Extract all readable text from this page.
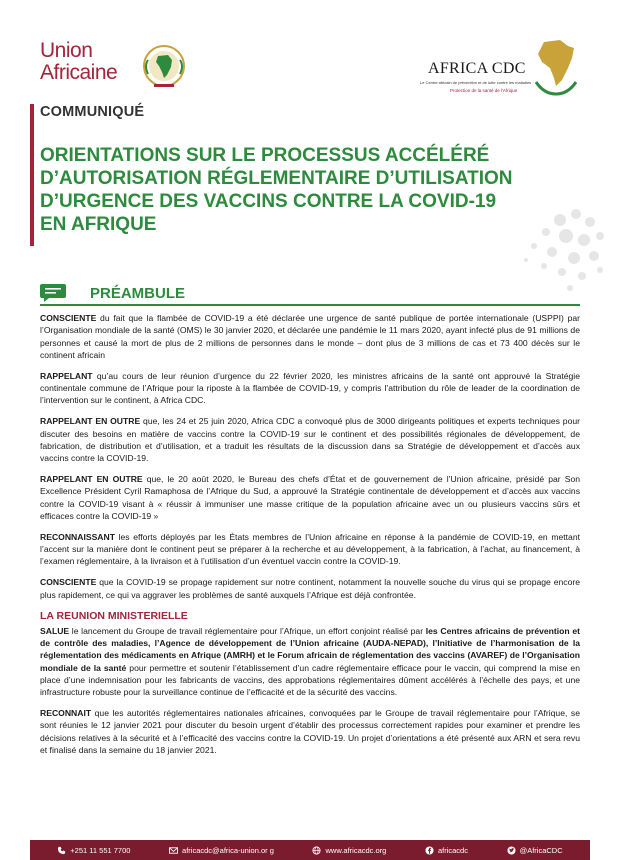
Union
Africaine	AFRICA CDC
Le Centre africain de prévention et de lutte contre les maladies
Protection de la santé de l'Afrique
COMMUNIQUÉ
ORIENTATIONS SUR LE PROCESSUS ACCÉLÉRÉ
D’AUTORISATION RÉGLEMENTAIRE D’UTILISATION
D’URGENCE DES VACCINS CONTRE LA COVID-19
EN AFRIQUE
PRÉAMBULE

CONSCIENTE du fait que la flambée de COVID-19 a été déclarée une urgence de santé publique de portée internationale (USPPI) par l’Organisation mondiale de la santé (OMS) le 30 janvier 2020, et déclarée une pandémie le 11 mars 2020, ayant infecté plus de 91 millions de personnes et causé la mort de plus de 2 millions de personnes dans le monde – dont plus de 3 millions de cas et 73 400 décès sur le continent africain

RAPPELANT qu’au cours de leur réunion d’urgence du 22 février 2020, les ministres africains de la santé ont approuvé la Stratégie continentale commune de l’Afrique pour la riposte à la flambée de COVID-19, y compris l’attribution du rôle de leader de la coordination de l’intervention sur le continent, à Africa CDC.

RAPPELANT EN OUTRE que, les 24 et 25 juin 2020, Africa CDC a convoqué plus de 3000 dirigeants politiques et experts techniques pour discuter des besoins en matière de vaccins contre la COVID-19 sur le continent et des possibilités régionales de développement, de fabrication, de distribution et d’utilisation, et a traduit les résultats de la discussion dans sa Stratégie de développement et d’accès aux vaccins contre la COVID-19.

RAPPELANT EN OUTRE que, le 20 août 2020, le Bureau des chefs d’État et de gouvernement de l’Union africaine, présidé par Son Excellence Président Cyril Ramaphosa de l’Afrique du Sud, a approuvé la Stratégie continentale de développement et d’accès aux vaccins contre la COVID-19 visant à « réussir à immuniser une masse critique de la population africaine avec un ou plusieurs vaccins sûrs et efficaces contre la COVID-19 »

RECONNAISSANT les efforts déployés par les États membres de l’Union africaine en réponse à la pandémie de COVID-19, en mettant l’accent sur la manière dont le continent peut se préparer à la recherche et au développement, à la fabrication, à l’achat, au financement, à l’examen réglementaire, à la livraison et à l’utilisation d’un éventuel vaccin contre la COVID-19.

CONSCIENTE que la COVID-19 se propage rapidement sur notre continent, notamment la nouvelle souche du virus qui se propage encore plus rapidement, ce qui va aggraver les problèmes de santé auxquels l’Afrique est déjà confrontée.

LA REUNION MINISTERIELLE

SALUE le lancement du Groupe de travail réglementaire pour l’Afrique, un effort conjoint réalisé par les Centres africains de prévention et de contrôle des maladies, l’Agence de développement de l’Union africaine (AUDA-NEPAD), l’Initiative de l’harmonisation de la réglementation des médicaments en Afrique (AMRH) et le Forum africain de réglementation des vaccins (AVAREF) de l’Organisation mondiale de la santé pour permettre et soutenir l’établissement d’un cadre réglementaire efficace pour le vaccin, qui comprend la mise en place d’une indemnisation pour les fabricants de vaccins, des approbations réglementaires dûment accélérés à l’échelle des pays, et une infrastructure robuste pour la surveillance continue de l’efficacité et de la sécurité des vaccins.

RECONNAIT que les autorités réglementaires nationales africaines, convoquées par le Groupe de travail réglementaire pour l’Afrique, se sont réunies le 12 janvier 2021 pour discuter du besoin urgent d’établir des processus correctement rapides pour examiner et prendre les décisions relatives à la sécurité et à l’efficacité des vaccins contre la COVID-19. Un projet d’orientations a été présenté aux ARN et sera revu et finalisé dans la semaine du 18 janvier 2021.

+251 11 551 7700	africacdc@africa-union.or g	www.africacdc.org	africacdc	@AfricaCDC
